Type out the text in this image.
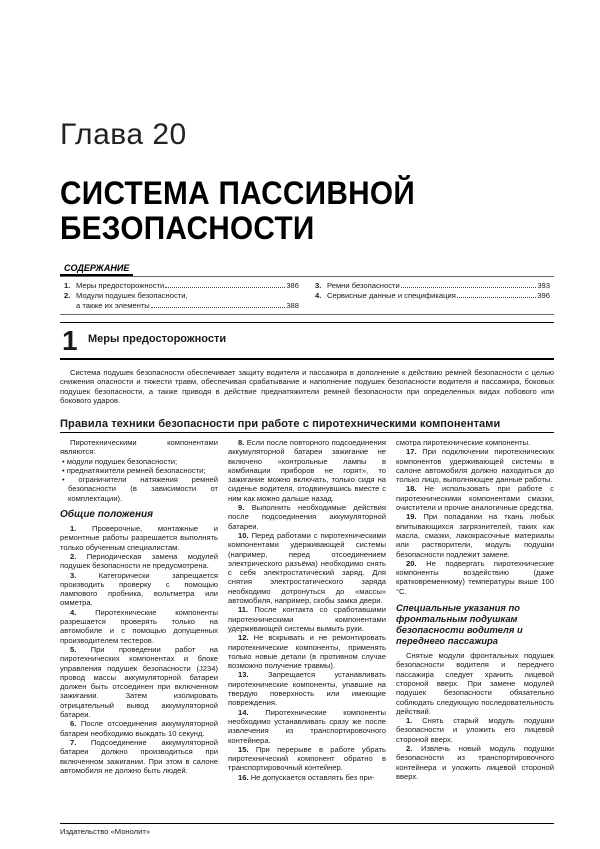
Глава 20
СИСТЕМА ПАССИВНОЙ БЕЗОПАСНОСТИ
СОДЕРЖАНИЕ
1. Меры предосторожности	386
2. Модули подушек безопасности,
а также их элементы	388
3. Ремни безопасности	393
4. Сервисные данные и спецификация	396
1 Меры предосторожности

Система подушек безопасности обеспечивает защиту водителя и пассажира в дополнение к действию ремней безопасности с целью снижения опасности и тяжести травм, обеспечивая срабатывание и наполнение подушек безопасности водителя и пассажира, боковых подушек безопасности, а также приводя в действие преднатяжители ремней безопасности при определенных видах лобового или бокового ударов.

Правила техники безопасности при работе с пиротехническими компонентами

Пиротехническими компонентами являются:

• модули подушек безопасности;

• преднатяжители ремней безопасности;

• ограничители натяжения ремней безопасности (в зависимости от комплектации).

Общие положения

1. Проверочные, монтажные и ремонтные работы разрешается выполнять только обученным специалистам.

2. Периодическая замена модулей подушек безопасности не предусмотрена.

3.	Категорически запрещается производить проверку с помощью лампового пробника, вольтметра или омметра.

4. Пиротехнические компоненты разрешается проверять только на автомобиле и с помощью допущенных производителем тестеров.

5. При проведении работ на пиротехнических компонентах и блоке управления подушек безопасности (J234) провод массы аккумуляторной батареи должен быть отсоединен при включенном зажигании. Затем изолировать отрицательный вывод аккумуляторной батареи.

6. После отсоединения аккумуляторной батареи необходимо выждать 10 секунд.

7. Подсоединение аккумуляторной батареи должно производиться при включенном зажигании. При этом в салоне автомобиля не должно быть людей.

8. Если после повторного подсоединения аккумуляторной батареи зажигание не включено «контрольные лампы в комбинации приборов не горят», то зажигание можно включать, только сидя на сиденье водителя, отодвинувшись вместе с ним как можно дальше назад.

9. Выполнить необходимые действия после подсоединения аккумуляторной батареи.

10. Перед работами с пиротехническими компонентами удерживающей системы (например, перед отсоединением электрического разъёма) необходимо снять с себя электростатический заряд. Для снятия электростатического заряда необходимо дотронуться до «массы» автомобиля, например, скобы замка двери.

11. После контакта со сработавшими пиротехническими компонентами удерживающей системы вымыть руки.

12. Не вскрывать и не ремонтировать пиротехнические компоненты, применять только новые детали (в противном случае возможно получение травмы).

13.	Запрещается устанавливать пиротехнические компоненты, упавшие на твердую поверхность или имеющие повреждения.

14. Пиротехнические компоненты необходимо устанавливать сразу же после извлечения из транспортировочного контейнера.

15. При перерыве в работе убрать пиротехнический компонент обратно в транспортировочный контейнер.

16. Не допускается оставлять без при-

смотра пиротехнические компоненты.

17. При подключении пиротехнических компонентов удерживающей системы в салоне автомобиля должно находиться до только лицо, выполняющее данные работы.

18. Не использовать при работе с пиротехническими компонентами смазки, очистители и прочие аналогичные средства.

19. При попадании на ткань любых впитывающихся загрязнителей, таких как масла, смазки, лакокрасочные материалы или растворители, модуль подушки безопасности подлежит замене.

20. Не подвергать пиротехнические компоненты воздействию (даже кратковременному) температуры выше 100 °С.

Специальные указания по фронтальным подушкам безопасности водителя и переднего пассажира

Снятые модули фронтальных подушек безопасности водителя и переднего пассажира следует хранить лицевой стороной вверх. При замене модулей подушек безопасности обязательно соблюдать следующую последовательность действий.

1. Снять старый модуль подушки безопасности и уложить его лицевой стороной вверх.

2. Извлечь новый модуль подушки безопасности из транспортировочного контейнера и уложить лицевой стороной вверх.

Издательство «Монолит»
